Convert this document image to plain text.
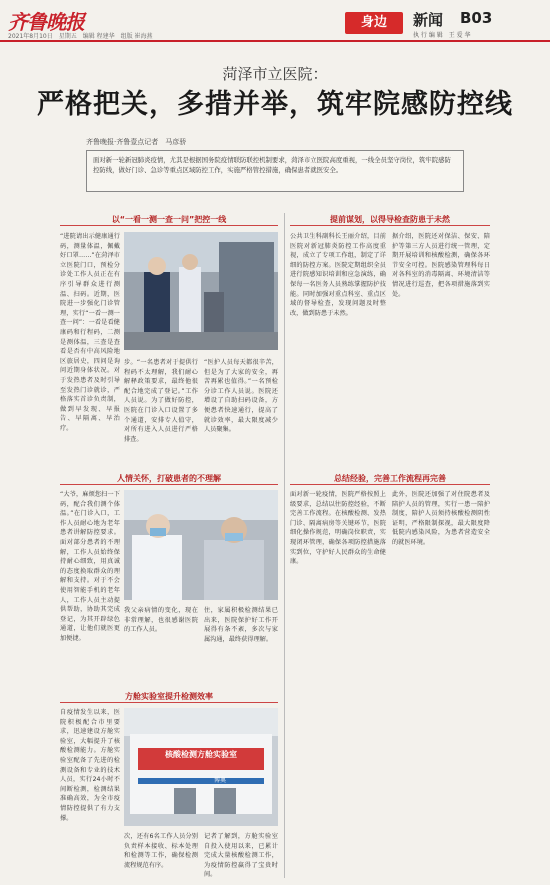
齐鲁晚报
2021年8月10日　星期五　编辑 程建华　组版 崔海燕
身边	新闻 B03
执 行 编 辑　王 爱 华
菏泽市立医院：
严格把关，多措并举，筑牢院感防控线
齐鲁晚报·齐鲁壹点记者　马彦骄
面对新一轮新冠肺炎疫情，尤其是根据国务院疫情联防联控机制要求，菏泽市立医院高度重视，一线全员坚守岗位，筑牢院感防控防线，做好门诊、急诊等重点区域防控工作，实施严格管控措施，确保患者就医安全。
以“一看一测一查一问”把控一线
“进院请出示健康通行码，测量体温，佩戴好口罩……”在菏泽市立医院门口，预检分诊处工作人员正在有序引导群众进行测温、扫码。近期，医院进一步强化门诊管理，实行“一看一测一查一问”：一看是看健康码和行程码，二测是测体温，三查是查看是否有中高风险地区旅居史，四问是询问近期身体状况。对于发热患者及时引导至发热门诊就诊，严格落实首诊负责制，做到早发现、早报告、早隔离、早治疗。
步。“一名患者对于提供行程码不太理解，我们耐心解释政策要求，最终他很配合地完成了登记。”工作人员说。为了做好防控，医院在门诊入口设置了多个通道，安排专人值守，对所有进入人员进行严格排查。
“医护人员每天都很辛苦，但是为了大家的安全，再苦再累也值得。”一名预检分诊工作人员说。医院还增设了自助扫码设备，方便患者快速通行，提高了就诊效率，最大限度减少人员聚集。
提前谋划，以得导检查防患于未然
公共卫生科副科长王丽介绍，目前医院对新冠肺炎防控工作高度重视，成立了专项工作组，制定了详细的防控方案。医院定期组织全员进行院感知识培训和应急演练，确保每一名医务人员熟练掌握防护技能。同时加强对重点科室、重点区域的督导检查，发现问题及时整改，做到防患于未然。
据介绍，医院还对保洁、保安、陪护等第三方人员进行统一管理，定期开展培训和核酸检测，确保各环节安全可控。医院感染管理科每日对各科室的消毒隔离、环境清洁等情况进行巡查，把各项措施落到实处。
人情关怀，打破患者的不理解
“大爷，麻烦您扫一下码，配合我们测个体温。”在门诊入口，工作人员耐心地为老年患者讲解防控要求。面对部分患者的不理解，工作人员始终保持耐心细致，用真诚的态度换取群众的理解和支持。对于不会使用智能手机的老年人，工作人员主动提供帮助，协助其完成登记，为其开辟绿色通道，让他们就医更加便捷。
我父亲病情的变化，现在非常理解，也很感谢医院的工作人员。
住，家属积极检测结果已出来，医院保护好工作开展得有条不紊，多次与家属沟通，最终获得理解。
总结经验，完善工作流程再完善
面对新一轮疫情，医院严格按照上级要求，总结以往防控经验，不断完善工作流程。在核酸检测、发热门诊、隔离病房等关键环节，医院细化操作规范，明确岗位职责，实现闭环管理，确保各项防控措施落实到位，守护好人民群众的生命健康。
此外，医院还加强了对住院患者及陪护人员的管理，实行一患一陪护制度，陪护人员须持核酸检测阴性证明，严格限制探视，最大限度降低院内感染风险，为患者营造安全的就医环境。
方舱实验室提升检测效率
自疫情发生以来，医院积极配合市里要求，迅速建设方舱实验室，大幅提升了核酸检测能力。方舱实验室配备了先进的检测设备和专业的技术人员，实行24小时不间断检测，检测结果准确高效，为全市疫情防控提供了有力支撑。
核酸检测方舱实验室
博奥
次，还有6名工作人员分别负责样本接收、标本处理和检测等工作，确保检测流程规范有序。
记者了解到，方舱实验室自投入使用以来，已累计完成大量核酸检测工作，为疫情防控赢得了宝贵时间。
